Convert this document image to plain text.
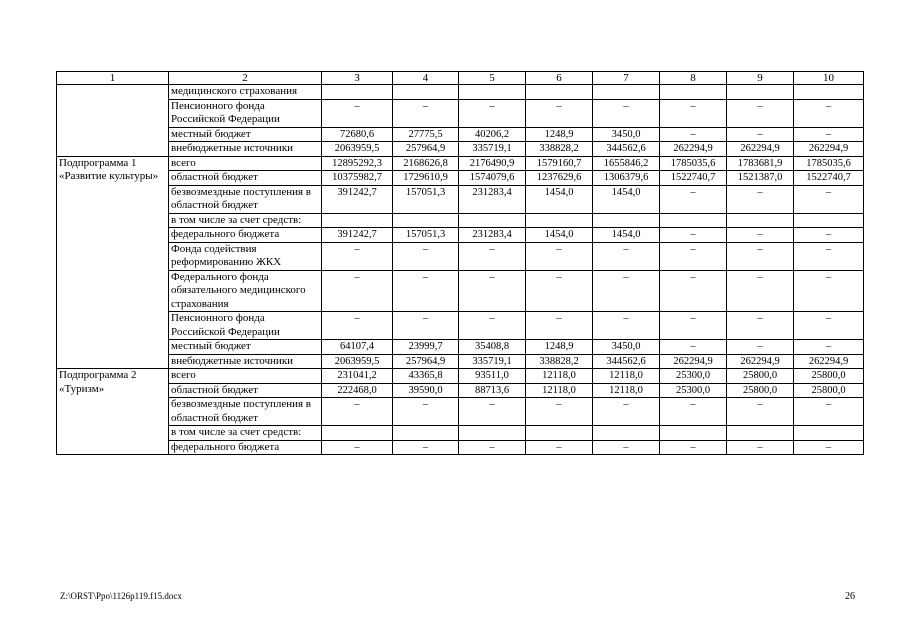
1	2	3	4	5	6	7	8	9	10
	медицинского страхования								
	Пенсионного фонда Российской Федерации	–	–	–	–	–	–	–	–
	местный бюджет	72680,6	27775,5	40206,2	1248,9	3450,0	–	–	–
	внебюджетные источники	2063959,5	257964,9	335719,1	338828,2	344562,6	262294,9	262294,9	262294,9
Подпрограмма 1 «Развитие культуры»	всего	12895292,3	2168626,8	2176490,9	1579160,7	1655846,2	1785035,6	1783681,9	1785035,6
	областной бюджет	10375982,7	1729610,9	1574079,6	1237629,6	1306379,6	1522740,7	1521387,0	1522740,7
	безвозмездные поступления в областной бюджет	391242,7	157051,3	231283,4	1454,0	1454,0	–	–	–
	в том числе за счет средств:								
	федерального бюджета	391242,7	157051,3	231283,4	1454,0	1454,0	–	–	–
	Фонда содействия реформированию ЖКХ	–	–	–	–	–	–	–	–
	Федерального фонда обязательного медицинского страхования	–	–	–	–	–	–	–	–
	Пенсионного фонда Российской Федерации	–	–	–	–	–	–	–	–
	местный бюджет	64107,4	23999,7	35408,8	1248,9	3450,0	–	–	–
	внебюджетные источники	2063959,5	257964,9	335719,1	338828,2	344562,6	262294,9	262294,9	262294,9
Подпрограмма 2 «Туризм»	всего	231041,2	43365,8	93511,0	12118,0	12118,0	25300,0	25800,0	25800,0
	областной бюджет	222468,0	39590,0	88713,6	12118,0	12118,0	25300,0	25800,0	25800,0
	безвозмездные поступления в областной бюджет	–	–	–	–	–	–	–	–
	в том числе за счет средств:								
	федерального бюджета	–	–	–	–	–	–	–	–
Z:\ORST\Ppo\1126p119.f15.docx	26
